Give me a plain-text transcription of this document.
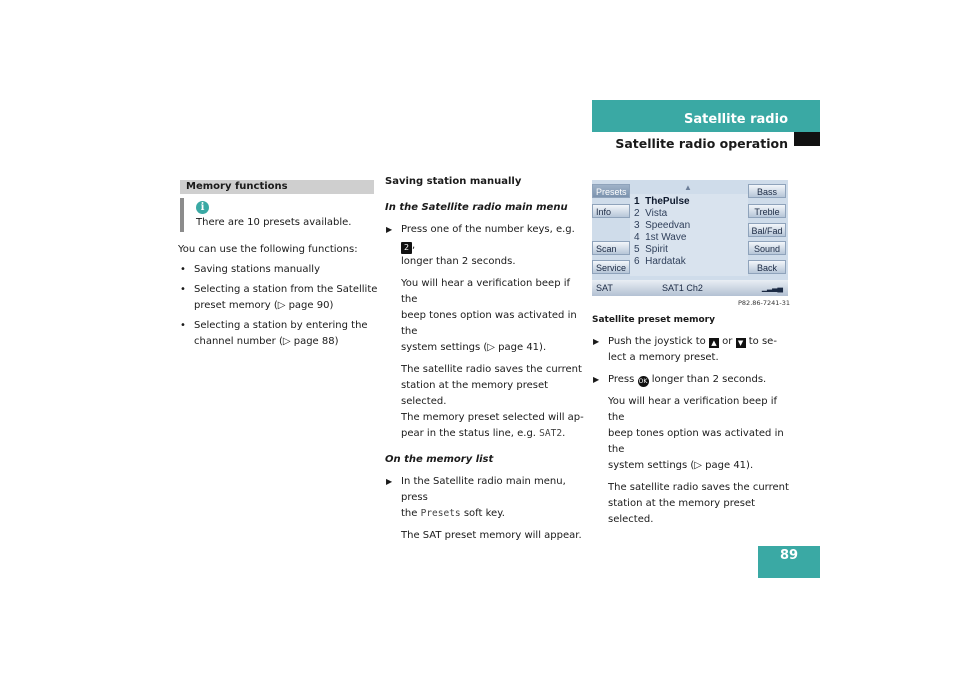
Satellite radio
Satellite radio operation
89
Memory functions
i
There are 10 presets available.
You can use the following functions:
• Saving stations manually
• Selecting a station from the Satellite
preset memory (▷ page 90)
• Selecting a station by entering the
channel number (▷ page 88)
Saving station manually
In the Satellite radio main menu
▶ Press one of the number keys, e.g. 2 ,
longer than 2 seconds.
You will hear a verification beep if the
beep tones option was activated in the
system settings (▷ page 41).
The satellite radio saves the current
station at the memory preset selected.
The memory preset selected will ap-
pear in the status line, e.g. SAT2.
On the memory list
▶ In the Satellite radio main menu, press
the Presets soft key.
The SAT preset memory will appear.
Presets
Info
Scan
Service
Bass
Treble
Bal/Fad
Sound
Back
▲
1 ThePulse
2 Vista
3 Speedvan
4 1st Wave
5 Spirit
6 Hardatak
SAT	SAT1 Ch2	▁▂▃▄
P82.86-7241-31
Satellite preset memory
▶ Push the joystick to ▲ or ▼ to se-
lect a memory preset.
▶ Press OK longer than 2 seconds.
You will hear a verification beep if the
beep tones option was activated in the
system settings (▷ page 41).
The satellite radio saves the current
station at the memory preset selected.
